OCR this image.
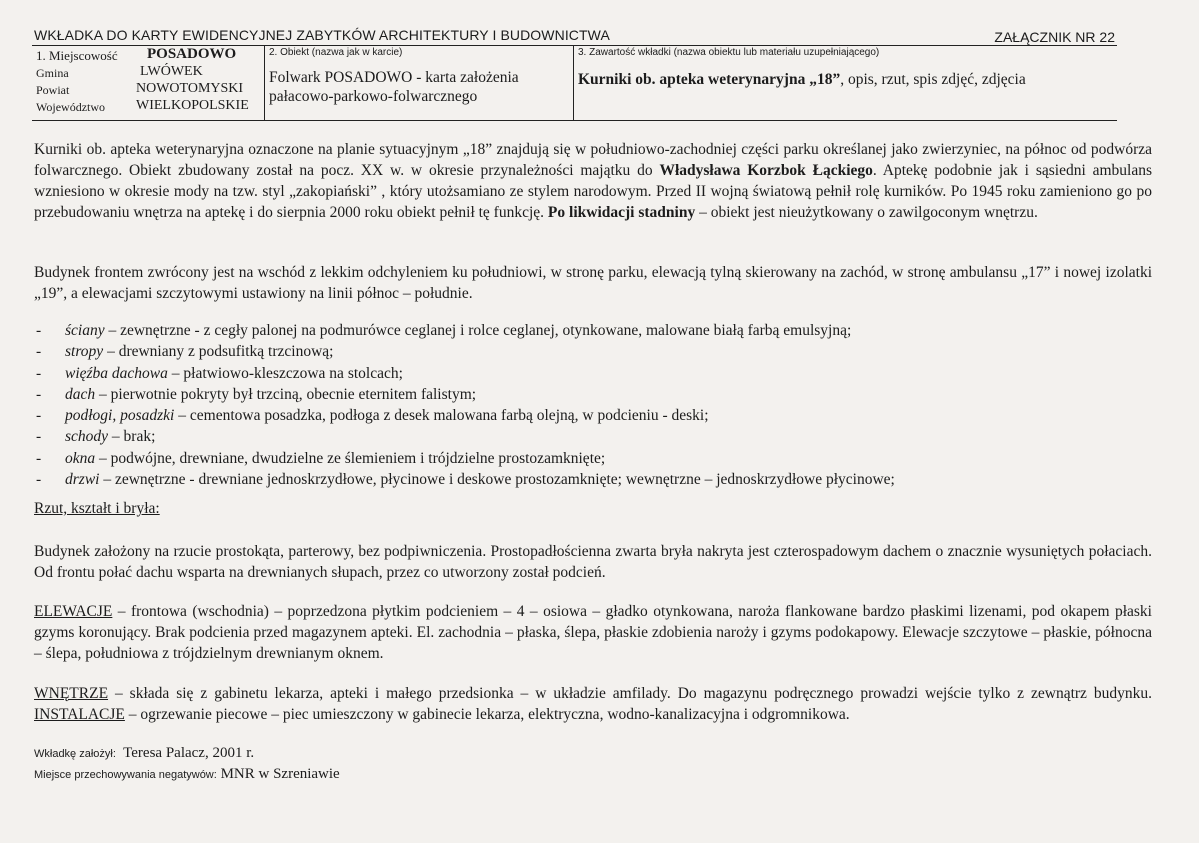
WKŁADKA DO KARTY EWIDENCYJNEJ ZABYTKÓW ARCHITEKTURY I BUDOWNICTWA	ZAŁĄCZNIK NR 22
1. Miejscowość POSADOWO
Gmina	LWÓWEK
Powiat	NOWOTOMYSKI
Województwo WIELKOPOLSKIE
2. Obiekt (nazwa jak w karcie)
Folwark POSADOWO - karta założenia
pałacowo-parkowo-folwarcznego
3. Zawartość wkładki (nazwa obiektu lub materiału uzupełniającego)
Kurniki ob. apteka weterynaryjna „18”, opis, rzut, spis zdjęć, zdjęcia

Kurniki ob. apteka weterynaryjna oznaczone na planie sytuacyjnym „18” znajdują się w południowo-zachodniej części parku określanej jako zwierzyniec, na północ od podwórza folwarcznego. Obiekt zbudowany został na pocz. XX w. w okresie przynależności majątku do Władysława Korzbok Łąckiego. Aptekę podobnie jak i sąsiedni ambulans wzniesiono w okresie mody na tzw. styl „zakopiański” , który utożsamiano ze stylem narodowym. Przed II wojną światową pełnił rolę kurników. Po 1945 roku zamieniono go po przebudowaniu wnętrza na aptekę i do sierpnia 2000 roku obiekt pełnił tę funkcję. Po likwidacji stadniny – obiekt jest nieużytkowany o zawilgoconym wnętrzu.

Budynek frontem zwrócony jest na wschód z lekkim odchyleniem ku południowi, w stronę parku, elewacją tylną skierowany na zachód, w stronę ambulansu „17” i nowej izolatki „19”, a elewacjami szczytowymi ustawiony na linii północ – południe.

- ściany – zewnętrzne - z cegły palonej na podmurówce ceglanej i rolce ceglanej, otynkowane, malowane białą farbą emulsyjną;
- stropy – drewniany z podsufitką trzcinową;
- więźba dachowa – płatwiowo-kleszczowa na stolcach;
- dach – pierwotnie pokryty był trzciną, obecnie eternitem falistym;
- podłogi, posadzki – cementowa posadzka, podłoga z desek malowana farbą olejną, w podcieniu - deski;
- schody – brak;
- okna – podwójne, drewniane, dwudzielne ze ślemieniem i trójdzielne prostozamknięte;
- drzwi – zewnętrzne - drewniane jednoskrzydłowe, płycinowe i deskowe prostozamknięte; wewnętrzne – jednoskrzydłowe płycinowe;

Rzut, kształt i bryła:

Budynek założony na rzucie prostokąta, parterowy, bez podpiwniczenia. Prostopadłościenna zwarta bryła nakryta jest czterospadowym dachem o znacznie wysuniętych połaciach. Od frontu połać dachu wsparta na drewnianych słupach, przez co utworzony został podcień.

ELEWACJE – frontowa (wschodnia) – poprzedzona płytkim podcieniem – 4 – osiowa – gładko otynkowana, naroża flankowane bardzo płaskimi lizenami, pod okapem płaski gzyms koronujący. Brak podcienia przed magazynem apteki. El. zachodnia – płaska, ślepa, płaskie zdobienia naroży i gzyms podokapowy. Elewacje szczytowe – płaskie, północna – ślepa, południowa z trójdzielnym drewnianym oknem.

WNĘTRZE – składa się z gabinetu lekarza, apteki i małego przedsionka – w układzie amfilady. Do magazynu podręcznego prowadzi wejście tylko z zewnątrz budynku. INSTALACJE – ogrzewanie piecowe – piec umieszczony w gabinecie lekarza, elektryczna, wodno-kanalizacyjna i odgromnikowa.

Wkładkę założył: Teresa Palacz, 2001 r.
Miejsce przechowywania negatywów: MNR w Szreniawie
